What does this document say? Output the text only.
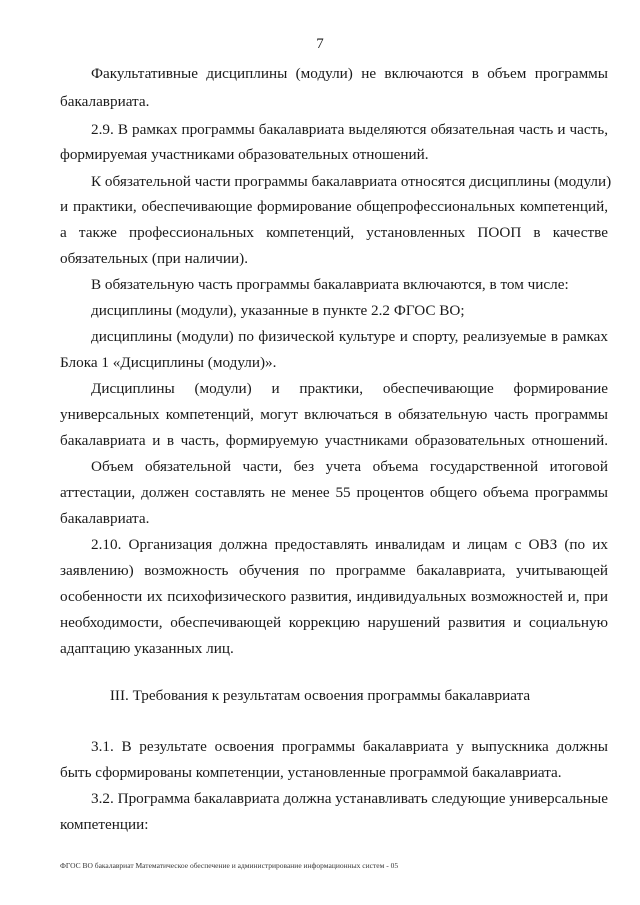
7
Факультативные дисциплины (модули) не включаются в объем программы
бакалавриата.
2.9. В рамках программы бакалавриата выделяются обязательная часть и часть,
формируемая участниками образовательных отношений.
К обязательной части программы бакалавриата относятся дисциплины (модули)
и практики, обеспечивающие формирование общепрофессиональных компетенций,
а также профессиональных компетенций, установленных ПООП в качестве
обязательных (при наличии).
В обязательную часть программы бакалавриата включаются, в том числе:
дисциплины (модули), указанные в пункте 2.2 ФГОС ВО;
дисциплины (модули) по физической культуре и спорту, реализуемые в рамках
Блока 1 «Дисциплины (модули)».
Дисциплины (модули) и практики, обеспечивающие формирование
универсальных компетенций, могут включаться в обязательную часть программы
бакалавриата и в часть, формируемую участниками образовательных отношений.
Объем обязательной части, без учета объема государственной итоговой
аттестации, должен составлять не менее 55 процентов общего объема программы
бакалавриата.
2.10. Организация должна предоставлять инвалидам и лицам с ОВЗ (по их
заявлению) возможность обучения по программе бакалавриата, учитывающей
особенности их психофизического развития, индивидуальных возможностей и, при
необходимости, обеспечивающей коррекцию нарушений развития и социальную
адаптацию указанных лиц.
III. Требования к результатам освоения программы бакалавриата
3.1. В результате освоения программы бакалавриата у выпускника должны
быть сформированы компетенции, установленные программой бакалавриата.
3.2. Программа бакалавриата должна устанавливать следующие универсальные
компетенции:
ФГОС ВО бакалавриат Математическое обеспечение и администрирование информационных систем - 05
